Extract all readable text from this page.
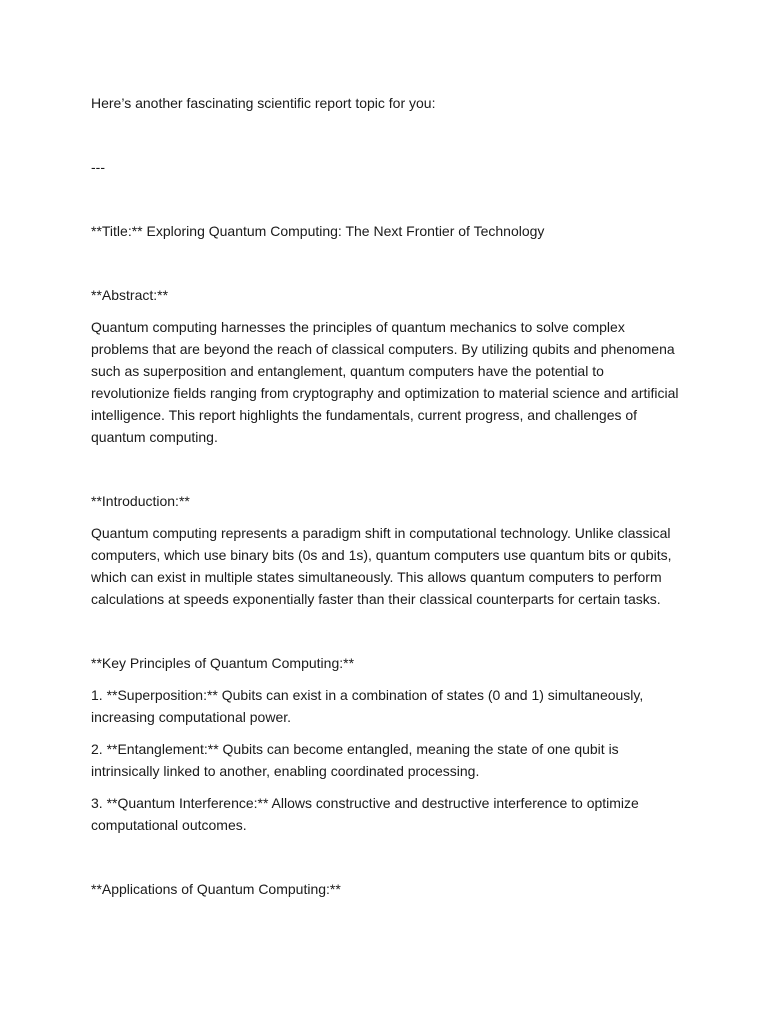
Here’s another fascinating scientific report topic for you:

---

**Title:** Exploring Quantum Computing: The Next Frontier of Technology

**Abstract:**

Quantum computing harnesses the principles of quantum mechanics to solve complex problems that are beyond the reach of classical computers. By utilizing qubits and phenomena such as superposition and entanglement, quantum computers have the potential to revolutionize fields ranging from cryptography and optimization to material science and artificial intelligence. This report highlights the fundamentals, current progress, and challenges of quantum computing.

**Introduction:**

Quantum computing represents a paradigm shift in computational technology. Unlike classical computers, which use binary bits (0s and 1s), quantum computers use quantum bits or qubits, which can exist in multiple states simultaneously. This allows quantum computers to perform calculations at speeds exponentially faster than their classical counterparts for certain tasks.

**Key Principles of Quantum Computing:**

1. **Superposition:** Qubits can exist in a combination of states (0 and 1) simultaneously, increasing computational power.

2. **Entanglement:** Qubits can become entangled, meaning the state of one qubit is intrinsically linked to another, enabling coordinated processing.

3. **Quantum Interference:** Allows constructive and destructive interference to optimize computational outcomes.

**Applications of Quantum Computing:**
